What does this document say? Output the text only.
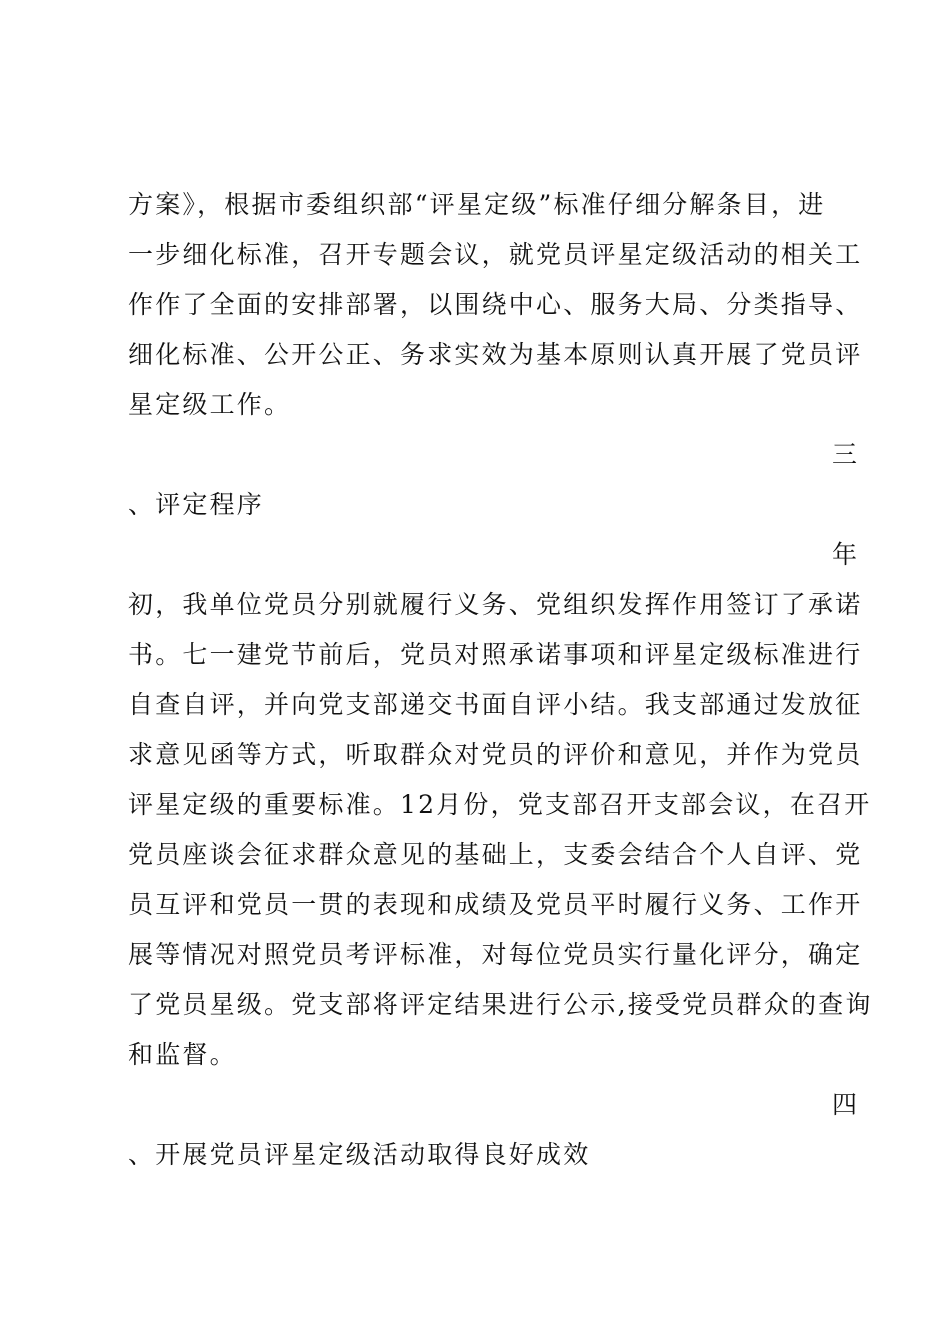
方案》，根据市委组织部“评星定级”标准仔细分解条目，进
一步细化标准，召开专题会议，就党员评星定级活动的相关工
作作了全面的安排部署，以围绕中心、服务大局、分类指导、
细化标准、公开公正、务求实效为基本原则认真开展了党员评
星定级工作。
三
、评定程序
年
初，我单位党员分别就履行义务、党组织发挥作用签订了承诺
书。七一建党节前后，党员对照承诺事项和评星定级标准进行
自查自评，并向党支部递交书面自评小结。我支部通过发放征
求意见函等方式，听取群众对党员的评价和意见，并作为党员
评星定级的重要标准。12月份，党支部召开支部会议，在召开
党员座谈会征求群众意见的基础上，支委会结合个人自评、党
员互评和党员一贯的表现和成绩及党员平时履行义务、工作开
展等情况对照党员考评标准，对每位党员实行量化评分，确定
了党员星级。党支部将评定结果进行公示,接受党员群众的查询
和监督。
四
、开展党员评星定级活动取得良好成效
